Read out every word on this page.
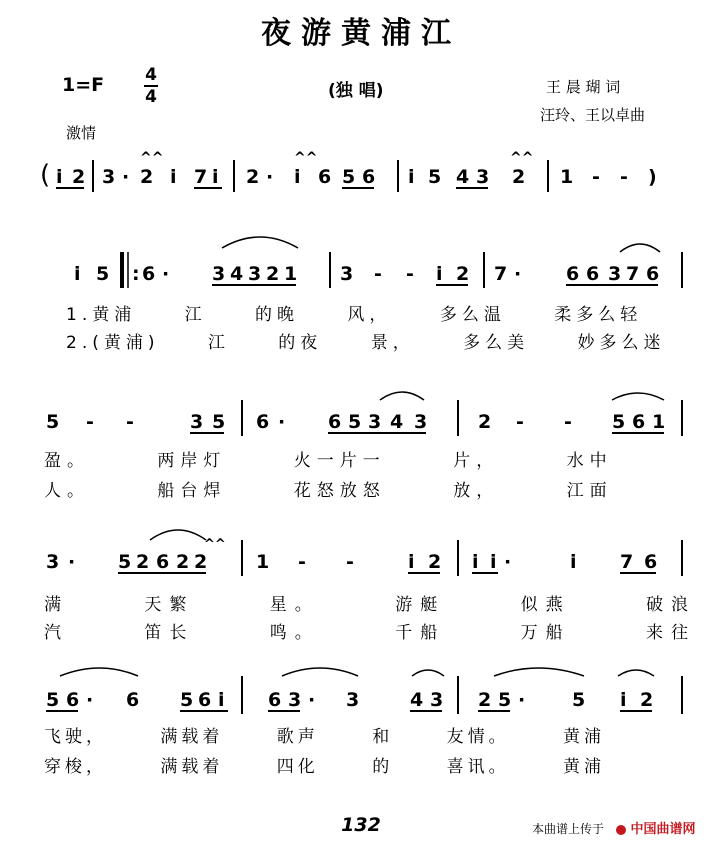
夜游黄浦江
1=F 4
4	(独 唱)	王 晨 瑚 词
汪玲、王以卓曲
激情
( i 2 3 · 2 i 7 i
^^
2 · i 6 5 6
^^
i 5 4 3 2
^^
1 - - )
i 5 : 6 · 3 4 3 2 1 3 - - i 2 7 · 6 6 3 7 6
5 - -	3 5 6 · 6 5 3 4 3	2 - - 5 6 1
3 · 5 2 6 2 2
^^
1 - -	i 2 i i ·	i 7 6
5 6 · 6 5 6 i 6 3 · 3	4 3 2 5 · 5 i 2
1.黄浦 江 的晚 风， 多么温 柔多么轻
2.(黄浦) 江 的夜 景， 多么美 妙多么迷
盈。 两岸灯 火一片一 片， 水中
人。 船台焊 花怒放怒 放， 江面
满 天繁 星。 游艇 似燕 破浪
汽 笛长 鸣。 千船 万船 来往
飞驶， 满载着 歌声 和 友情。 黄浦
穿梭， 满载着 四化 的 喜讯。 黄浦
132	本曲谱上传于	中国曲谱网
